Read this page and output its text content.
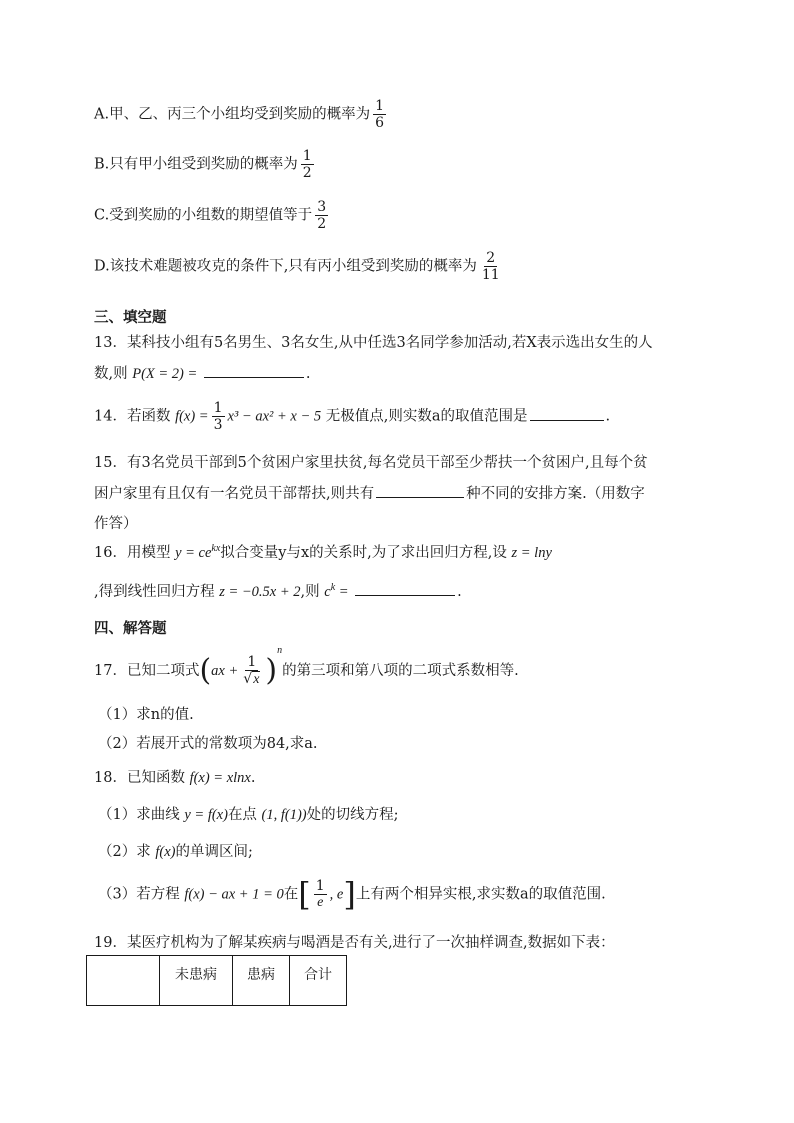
A.甲、乙、丙三个小组均受到奖励的概率为 $\frac{1}{6}$
B.只有甲小组受到奖励的概率为 $\frac{1}{2}$
C.受到奖励的小组数的期望值等于 $\frac{3}{2}$
D.该技术难题被攻克的条件下,只有丙小组受到奖励的概率为 $\frac{2}{11}$
三、填空题
13．某科技小组有5名男生、3名女生,从中任选3名同学参加活动,若X表示选出女生的人
数,则 P(X = 2) =	.
14．若函数 $f(x) = \frac{1}{3} x^3 - ax^2 + x - 5$ 无极值点,则实数a的取值范围是	.
15．有3名党员干部到5个贫困户家里扶贫,每名党员干部至少帮扶一个贫困户,且每个贫
困户家里有且仅有一名党员干部帮扶,则共有	种不同的安排方案.（用数字
作答）
16．用模型 $y = ce^{kx}$拟合变量y与x的关系时,为了求出回归方程,设 z = lny
,得到线性回归方程 z = −0.5x + 2,则 $c^k$ =	.
四、解答题
17．已知二项式$(ax + \frac{1}{√x} )^n$的第三项和第八项的二项式系数相等.
（1）求n的值.
（2）若展开式的常数项为84,求a.
18．已知函数 f(x) = xlnx.
（1）求曲线 y = f(x)在点 (1, f(1))处的切线方程;
（2）求 f(x)的单调区间;
（3）若方程 f(x) − ax + 1 = 0在[ $\frac{1}{e}$ , e]上有两个相异实根,求实数a的取值范围.
19．某医疗机构为了解某疾病与喝酒是否有关,进行了一次抽样调查,数据如下表：
	未患病	患病	合计
